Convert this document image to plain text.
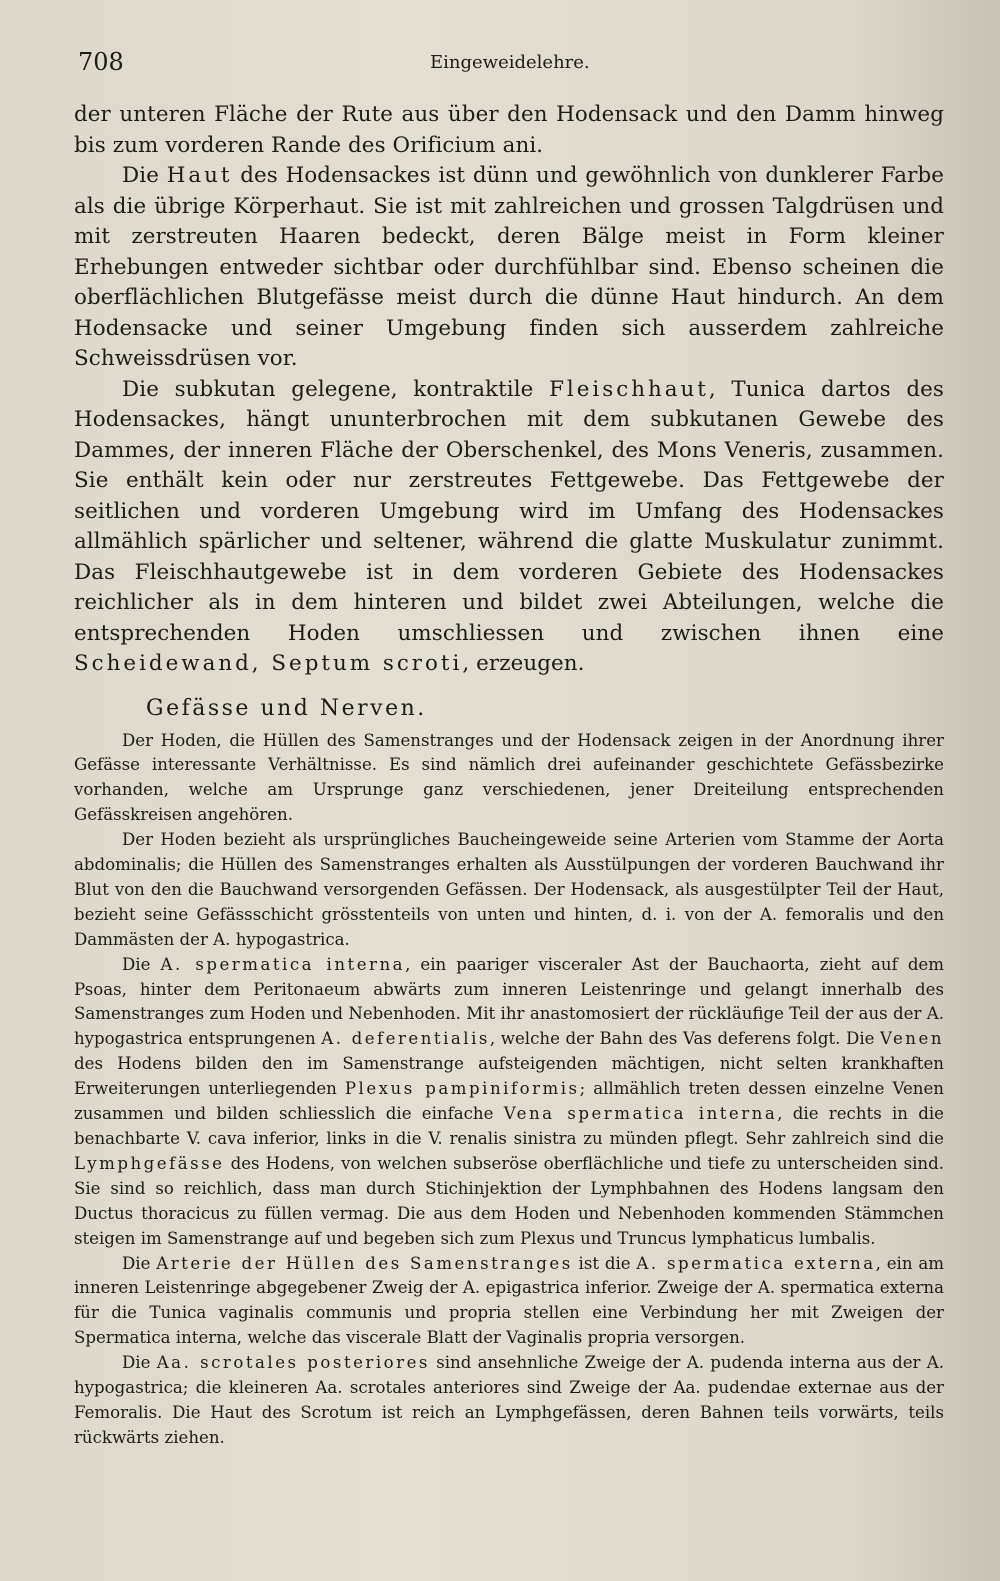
708	Eingeweidelehre.

der unteren Fläche der Rute aus über den Hodensack und den Damm hinweg bis zum vorderen Rande des Orificium ani.

Die Haut des Hodensackes ist dünn und gewöhnlich von dunklerer Farbe als die übrige Körperhaut. Sie ist mit zahlreichen und grossen Talgdrüsen und mit zerstreuten Haaren bedeckt, deren Bälge meist in Form kleiner Erhebungen entweder sichtbar oder durchfühlbar sind. Ebenso scheinen die oberflächlichen Blutgefässe meist durch die dünne Haut hindurch. An dem Hodensacke und seiner Umgebung finden sich ausserdem zahlreiche Schweissdrüsen vor.

Die subkutan gelegene, kontraktile Fleischhaut, Tunica dartos des Hodensackes, hängt ununterbrochen mit dem subkutanen Gewebe des Dammes, der inneren Fläche der Oberschenkel, des Mons Veneris, zusammen. Sie enthält kein oder nur zerstreutes Fettgewebe. Das Fettgewebe der seitlichen und vorderen Umgebung wird im Umfang des Hodensackes allmählich spärlicher und seltener, während die glatte Muskulatur zunimmt. Das Fleischhautgewebe ist in dem vorderen Gebiete des Hodensackes reichlicher als in dem hinteren und bildet zwei Abteilungen, welche die entsprechenden Hoden umschliessen und zwischen ihnen eine Scheidewand, Septum scroti, erzeugen.

Gefässe und Nerven.

Der Hoden, die Hüllen des Samenstranges und der Hodensack zeigen in der Anordnung ihrer Gefässe interessante Verhältnisse. Es sind nämlich drei aufeinander geschichtete Gefässbezirke vorhanden, welche am Ursprunge ganz verschiedenen, jener Dreiteilung entsprechenden Gefässkreisen angehören.

Der Hoden bezieht als ursprüngliches Baucheingeweide seine Arterien vom Stamme der Aorta abdominalis; die Hüllen des Samenstranges erhalten als Ausstülpungen der vorderen Bauchwand ihr Blut von den die Bauchwand versorgenden Gefässen. Der Hodensack, als ausgestülpter Teil der Haut, bezieht seine Gefässschicht grösstenteils von unten und hinten, d. i. von der A. femoralis und den Dammästen der A. hypogastrica.

Die A. spermatica interna, ein paariger visceraler Ast der Bauchaorta, zieht auf dem Psoas, hinter dem Peritonaeum abwärts zum inneren Leistenringe und gelangt innerhalb des Samenstranges zum Hoden und Nebenhoden. Mit ihr anastomosiert der rückläufige Teil der aus der A. hypogastrica entsprungenen A. deferentialis, welche der Bahn des Vas deferens folgt. Die Venen des Hodens bilden den im Samenstrange aufsteigenden mächtigen, nicht selten krankhaften Erweiterungen unterliegenden Plexus pampiniformis; allmählich treten dessen einzelne Venen zusammen und bilden schliesslich die einfache Vena spermatica interna, die rechts in die benachbarte V. cava inferior, links in die V. renalis sinistra zu münden pflegt. Sehr zahlreich sind die Lymphgefässe des Hodens, von welchen subseröse oberflächliche und tiefe zu unterscheiden sind. Sie sind so reichlich, dass man durch Stichinjektion der Lymphbahnen des Hodens langsam den Ductus thoracicus zu füllen vermag. Die aus dem Hoden und Nebenhoden kommenden Stämmchen steigen im Samenstrange auf und begeben sich zum Plexus und Truncus lymphaticus lumbalis.

Die Arterie der Hüllen des Samenstranges ist die A. spermatica externa, ein am inneren Leistenringe abgegebener Zweig der A. epigastrica inferior. Zweige der A. spermatica externa für die Tunica vaginalis communis und propria stellen eine Verbindung her mit Zweigen der Spermatica interna, welche das viscerale Blatt der Vaginalis propria versorgen.

Die Aa. scrotales posteriores sind ansehnliche Zweige der A. pudenda interna aus der A. hypogastrica; die kleineren Aa. scrotales anteriores sind Zweige der Aa. pudendae externae aus der Femoralis. Die Haut des Scrotum ist reich an Lymphgefässen, deren Bahnen teils vorwärts, teils rückwärts ziehen.
